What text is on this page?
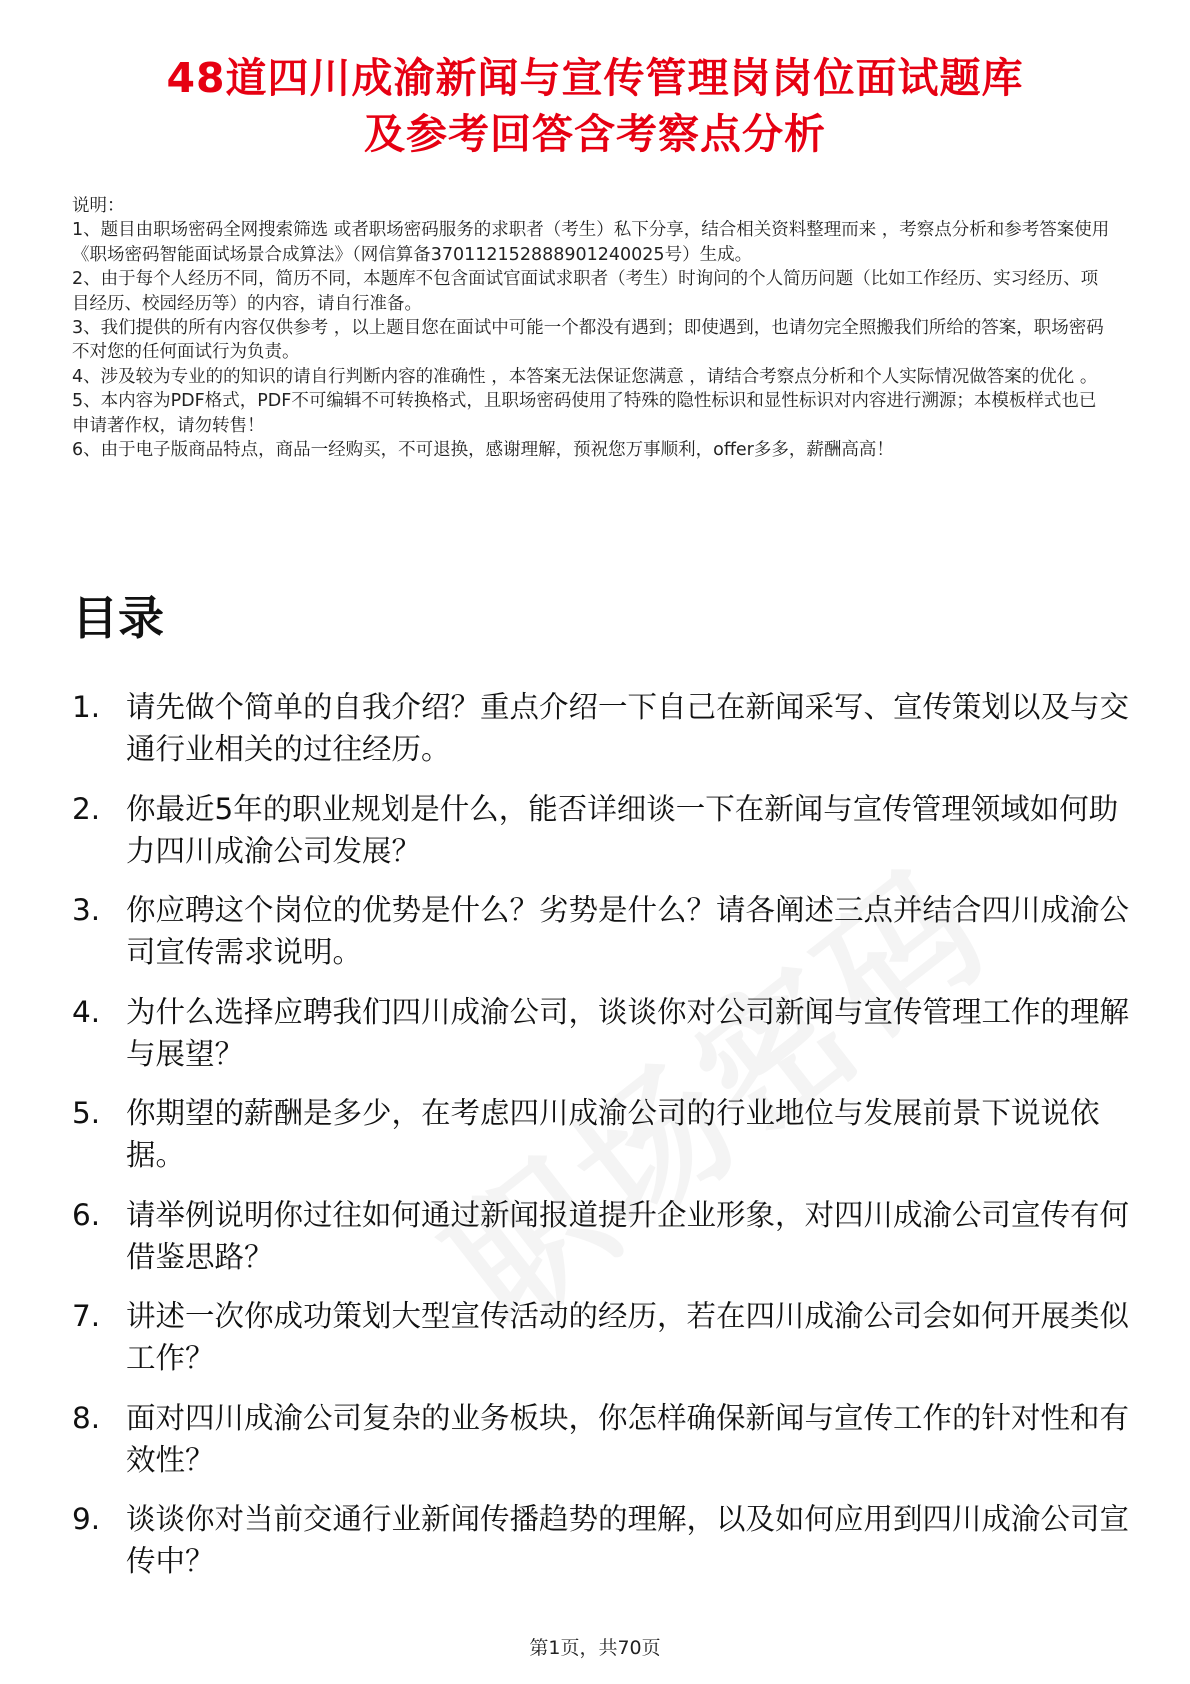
48道四川成渝新闻与宣传管理岗岗位面试题库
及参考回答含考察点分析

说明：

1、题目由职场密码全网搜索筛选 或者职场密码服务的求职者（考生）私下分享，结合相关资料整理而来 ，考察点分析和参考答案使用《职场密码智能面试场景合成算法》（网信算备370112152888901240025号）生成。

2、由于每个人经历不同，简历不同，本题库不包含面试官面试求职者（考生）时询问的个人简历问题（比如工作经历、实习经历、项目经历、校园经历等）的内容，请自行准备。

3、我们提供的所有内容仅供参考 ，以上题目您在面试中可能一个都没有遇到；即使遇到，也请勿完全照搬我们所给的答案，职场密码不对您的任何面试行为负责。

4、涉及较为专业的的知识的请自行判断内容的准确性 ，本答案无法保证您满意 ，请结合考察点分析和个人实际情况做答案的优化 。

5、本内容为PDF格式，PDF不可编辑不可转换格式，且职场密码使用了特殊的隐性标识和显性标识对内容进行溯源；本模板样式也已申请著作权，请勿转售！

6、由于电子版商品特点，商品一经购买，不可退换，感谢理解，预祝您万事顺利，offer多多，薪酬高高！

目录
1. 请先做个简单的自我介绍？重点介绍一下自己在新闻采写、宣传策划以及与交通行业相关的过往经历。
2. 你最近5年的职业规划是什么，能否详细谈一下在新闻与宣传管理领域如何助力四川成渝公司发展？
3. 你应聘这个岗位的优势是什么？劣势是什么？请各阐述三点并结合四川成渝公司宣传需求说明。
4. 为什么选择应聘我们四川成渝公司，谈谈你对公司新闻与宣传管理工作的理解与展望？
5. 你期望的薪酬是多少，在考虑四川成渝公司的行业地位与发展前景下说说依据。
6. 请举例说明你过往如何通过新闻报道提升企业形象，对四川成渝公司宣传有何借鉴思路？
7. 讲述一次你成功策划大型宣传活动的经历，若在四川成渝公司会如何开展类似工作？
8. 面对四川成渝公司复杂的业务板块，你怎样确保新闻与宣传工作的针对性和有效性？
9. 谈谈你对当前交通行业新闻传播趋势的理解，以及如何应用到四川成渝公司宣传中？
第1页，共70页
